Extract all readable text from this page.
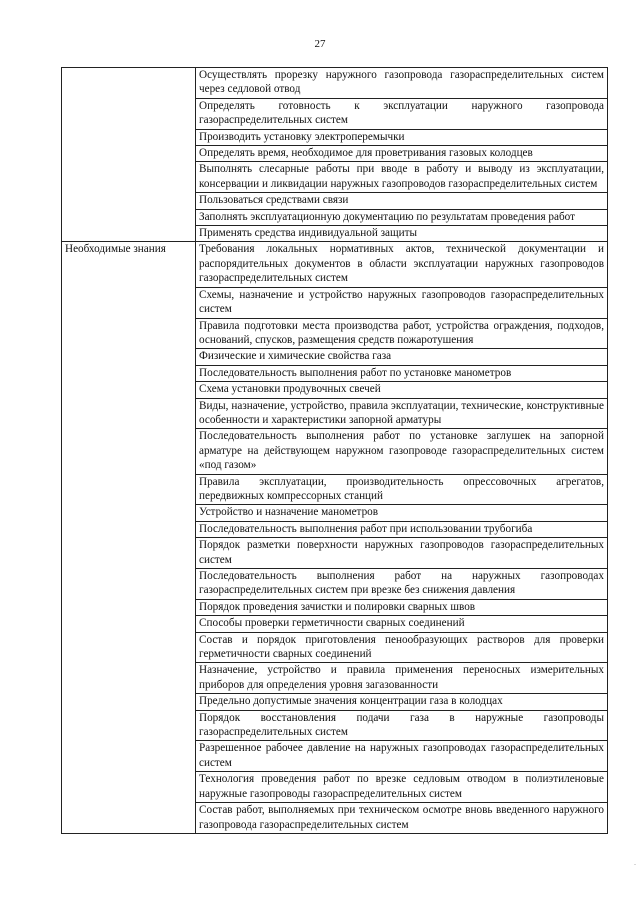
27
	Осуществлять прорезку наружного газопровода газораспределительных систем через седловой отвод
	Определять готовность к эксплуатации наружного газопровода газораспределительных систем
	Производить установку электроперемычки
	Определять время, необходимое для проветривания газовых колодцев
	Выполнять слесарные работы при вводе в работу и выводу из эксплуатации, консервации и ликвидации наружных газопроводов газораспределительных систем
	Пользоваться средствами связи
	Заполнять эксплуатационную документацию по результатам проведения работ
	Применять средства индивидуальной защиты
Необходимые знания	Требования локальных нормативных актов, технической документации и распорядительных документов в области эксплуатации наружных газопроводов газораспределительных систем
	Схемы, назначение и устройство наружных газопроводов газораспределительных систем
	Правила подготовки места производства работ, устройства ограждения, подходов, оснований, спусков, размещения средств пожаротушения
	Физические и химические свойства газа
	Последовательность выполнения работ по установке манометров
	Схема установки продувочных свечей
	Виды, назначение, устройство, правила эксплуатации, технические, конструктивные особенности и характеристики запорной арматуры
	Последовательность выполнения работ по установке заглушек на запорной арматуре на действующем наружном газопроводе газораспределительных систем «под газом»
	Правила эксплуатации, производительность опрессовочных агрегатов, передвижных компрессорных станций
	Устройство и назначение манометров
	Последовательность выполнения работ при использовании трубогиба
	Порядок разметки поверхности наружных газопроводов газораспределительных систем
	Последовательность выполнения работ на наружных газопроводах газораспределительных систем при врезке без снижения давления
	Порядок проведения зачистки и полировки сварных швов
	Способы проверки герметичности сварных соединений
	Состав и порядок приготовления пенообразующих растворов для проверки герметичности сварных соединений
	Назначение, устройство и правила применения переносных измерительных приборов для определения уровня загазованности
	Предельно допустимые значения концентрации газа в колодцах
	Порядок восстановления подачи газа в наружные газопроводы газораспределительных систем
	Разрешенное рабочее давление на наружных газопроводах газораспределительных систем
	Технология проведения работ по врезке седловым отводом в полиэтиленовые наружные газопроводы газораспределительных систем
	Состав работ, выполняемых при техническом осмотре вновь введенного наружного газопровода газораспределительных систем
.
